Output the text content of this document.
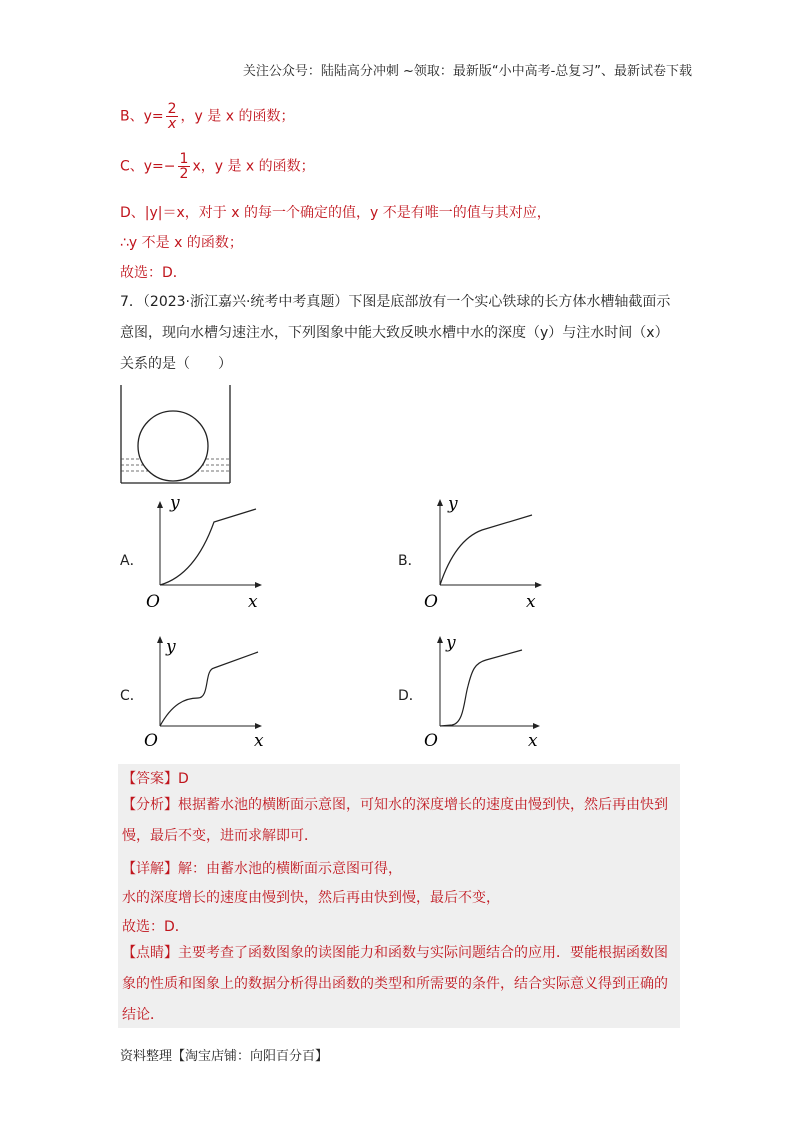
关注公众号：陆陆高分冲刺 ~领取：最新版“小中高考-总复习”、最新试卷下载
B、$y= \frac{2}{x}$ ，y 是 x 的函数；
C、$y=- \frac{1}{2}$ x，y 是 x 的函数；
D、|y|＝x，对于 x 的每一个确定的值，y 不是有唯一的值与其对应，
∴y 不是 x 的函数；
故选：D．
7．（2023·浙江嘉兴·统考中考真题）下图是底部放有一个实心铁球的长方体水槽轴截面示意图，现向水槽匀速注水，下列图象中能大致反映水槽中水的深度（y）与注水时间（x）关系的是（　　）
A．
y
x
O
B．
y
x
O
C．
y
x
O
D．
y
x
O
【答案】D
【分析】根据蓄水池的横断面示意图，可知水的深度增长的速度由慢到快，然后再由快到慢，最后不变，进而求解即可．
【详解】解：由蓄水池的横断面示意图可得，
水的深度增长的速度由慢到快，然后再由快到慢，最后不变，
故选：D．
【点睛】主要考查了函数图象的读图能力和函数与实际问题结合的应用．要能根据函数图象的性质和图象上的数据分析得出函数的类型和所需要的条件，结合实际意义得到正确的结论．
资料整理【淘宝店铺：向阳百分百】
